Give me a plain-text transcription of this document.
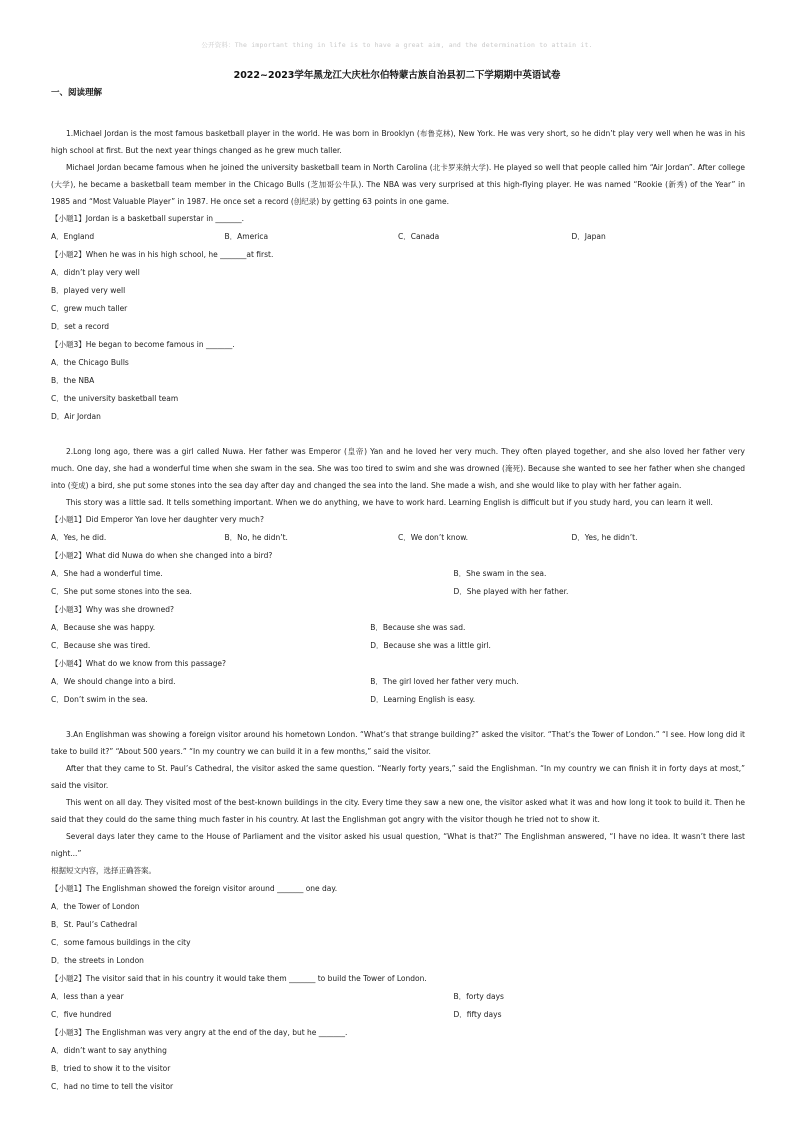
公开资料：The important thing in life is to have a great aim, and the determination to attain it.
2022~2023学年黑龙江大庆杜尔伯特蒙古族自治县初二下学期期中英语试卷
一、阅读理解

1.Michael Jordan is the most famous basketball player in the world. He was born in Brooklyn (布鲁克林), New York. He was very short, so he didn’t play very well when he was in his high school at first. But the next year things changed as he grew much taller.

Michael Jordan became famous when he joined the university basketball team in North Carolina (北卡罗来纳大学). He played so well that people called him “Air Jordan”. After college (大学), he became a basketball team member in the Chicago Bulls (芝加哥公牛队). The NBA was very surprised at this high-flying player. He was named “Rookie (新秀) of the Year” in 1985 and “Most Valuable Player” in 1987. He once set a record (创纪录) by getting 63 points in one game.

【小题1】Jordan is a basketball superstar in _______.
A．England	B．America	C．Canada	D．Japan
【小题2】When he was in his high school, he _______at first.
A．didn’t play very well
B．played very well
C．grew much taller
D．set a record
【小题3】He began to become famous in _______.
A．the Chicago Bulls
B．the NBA
C．the university basketball team
D．Air Jordan

2.Long long ago, there was a girl called Nuwa. Her father was Emperor (皇帝) Yan and he loved her very much. They often played together, and she also loved her father very much. One day, she had a wonderful time when she swam in the sea. She was too tired to swim and she was drowned (淹死). Because she wanted to see her father when she changed into (变成) a bird, she put some stones into the sea day after day and changed the sea into the land. She made a wish, and she would like to play with her father again.

This story was a little sad. It tells something important. When we do anything, we have to work hard. Learning English is difficult but if you study hard, you can learn it well.

【小题1】Did Emperor Yan love her daughter very much?
A．Yes, he did.	B．No, he didn’t.	C．We don’t know.	D．Yes, he didn’t.
【小题2】What did Nuwa do when she changed into a bird?
A．She had a wonderful time.	B．She swam in the sea.
C．She put some stones into the sea.	D．She played with her father.
【小题3】Why was she drowned?
A．Because she was happy.	B．Because she was sad.
C．Because she was tired.	D．Because she was a little girl.
【小题4】What do we know from this passage?
A．We should change into a bird.	B．The girl loved her father very much.
C．Don’t swim in the sea.	D．Learning English is easy.

3.An Englishman was showing a foreign visitor around his hometown London. “What’s that strange building?” asked the visitor. “That’s the Tower of London.” “I see. How long did it take to build it?” “About 500 years.” “In my country we can build it in a few months,” said the visitor.

After that they came to St. Paul’s Cathedral, the visitor asked the same question. “Nearly forty years,” said the Englishman. “In my country we can finish it in forty days at most,” said the visitor.

This went on all day. They visited most of the best-known buildings in the city. Every time they saw a new one, the visitor asked what it was and how long it took to build it. Then he said that they could do the same thing much faster in his country. At last the Englishman got angry with the visitor though he tried not to show it.

Several days later they came to the House of Parliament and the visitor asked his usual question, “What is that?” The Englishman answered, “I have no idea. It wasn’t there last night...”

根据短文内容，选择正确答案。
【小题1】The Englishman showed the foreign visitor around _______ one day.
A．the Tower of London
B．St. Paul’s Cathedral
C．some famous buildings in the city
D．the streets in London
【小题2】The visitor said that in his country it would take them _______ to build the Tower of London.
A．less than a year	B．forty days
C．five hundred	D．fifty days
【小题3】The Englishman was very angry at the end of the day, but he _______.
A．didn’t want to say anything
B．tried to show it to the visitor
C．had no time to tell the visitor
